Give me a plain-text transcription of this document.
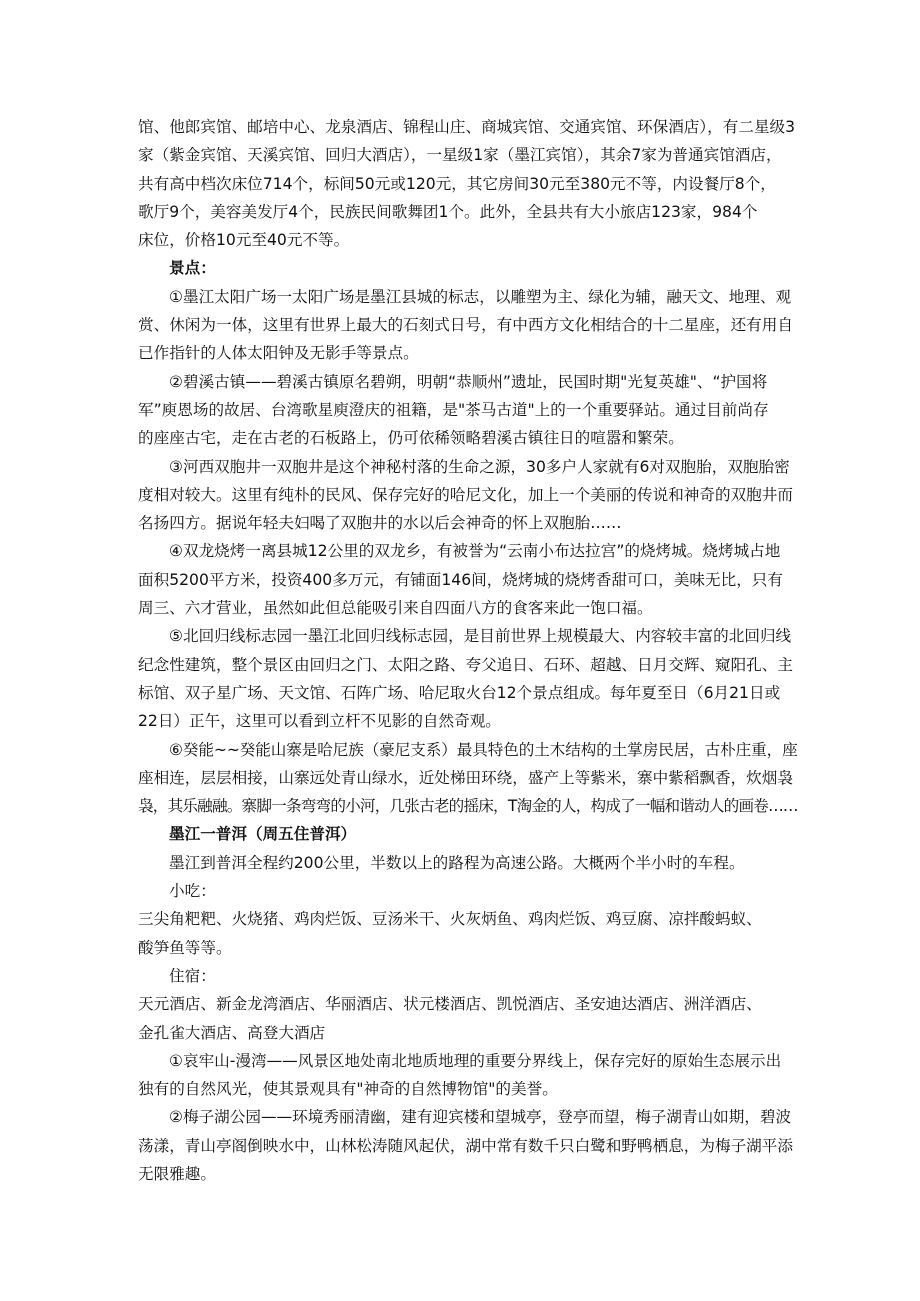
馆、他郎宾馆、邮培中心、龙泉酒店、锦程山庄、商城宾馆、交通宾馆、环保酒店），有二星级3
家（紫金宾馆、天溪宾馆、回归大酒店），一星级1家（墨江宾馆），其余7家为普通宾馆酒店，
共有高中档次床位714个，标间50元或120元，其它房间30元至380元不等，内设餐厅8个，
歌厅9个，美容美发厅4个，民族民间歌舞团1个。此外，全县共有大小旅店123家，984个
床位，价格10元至40元不等。

景点：

①墨江太阳广场一太阳广场是墨江县城的标志，以雕塑为主、绿化为辅，融天文、地理、观
赏、休闲为一体，这里有世界上最大的石刻式日号，有中西方文化相结合的十二星座，还有用自
已作指针的人体太阳钟及无影手等景点。

②碧溪古镇——碧溪古镇原名碧朔，明朝“恭顺州”遗址，民国时期"光复英雄"、“护国将
军”庾恩场的故居、台湾歌星庾澄庆的祖籍，是"茶马古道"上的一个重要驿站。通过目前尚存
的座座古宅，走在古老的石板路上，仍可依稀领略碧溪古镇往日的喧嚣和繁荣。

③河西双胞井一双胞井是这个神秘村落的生命之源，30多户人家就有6对双胞胎，双胞胎密
度相对较大。这里有纯朴的民风、保存完好的哈尼文化，加上一个美丽的传说和神奇的双胞井而
名扬四方。据说年轻夫妇喝了双胞井的水以后会神奇的怀上双胞胎……

④双龙烧烤一离县城12公里的双龙乡，有被誉为“云南小布达拉宫”的烧烤城。烧烤城占地
面积5200平方米，投资400多万元，有铺面146间，烧烤城的烧烤香甜可口，美味无比，只有
周三、六才营业，虽然如此但总能吸引来自四面八方的食客来此一饱口福。

⑤北回归线标志园一墨江北回归线标志园，是目前世界上规模最大、内容较丰富的北回归线
纪念性建筑，整个景区由回归之门、太阳之路、夸父追日、石环、超越、日月交辉、窥阳孔、主
标馆、双子星广场、天文馆、石阵广场、哈尼取火台12个景点组成。每年夏至日（6月21日或
22日）正午，这里可以看到立杆不见影的自然奇观。

⑥癸能~~癸能山寨是哈尼族（豪尼支系）最具特色的土木结构的土掌房民居，古朴庄重，座
座相连，层层相接，山寨远处青山绿水，近处梯田环绕，盛产上等紫米，寨中紫稻飘香，炊烟袅
袅，其乐融融。寨脚一条弯弯的小河，几张古老的摇床，T淘金的人，构成了一幅和谐动人的画卷……

墨江一普洱（周五住普洱）

墨江到普洱全程约200公里，半数以上的路程为高速公路。大概两个半小时的车程。

小吃：

三尖角粑粑、火烧猪、鸡肉烂饭、豆汤米干、火灰炳鱼、鸡肉烂饭、鸡豆腐、凉拌酸蚂蚁、
酸笋鱼等等。

住宿：

天元酒店、新金龙湾酒店、华丽酒店、状元楼酒店、凯悦酒店、圣安迪达酒店、洲洋酒店、
金孔雀大酒店、高登大酒店

①哀牢山-漫湾——风景区地处南北地质地理的重要分界线上，保存完好的原始生态展示出
独有的自然风光，使其景观具有"神奇的自然博物馆"的美誉。

②梅子湖公园——环境秀丽清幽，建有迎宾楼和望城亭，登亭而望，梅子湖青山如期，碧波
荡漾，青山亭阁倒映水中，山林松涛随风起伏，湖中常有数千只白鹭和野鸭栖息，为梅子湖平添
无限雅趣。
